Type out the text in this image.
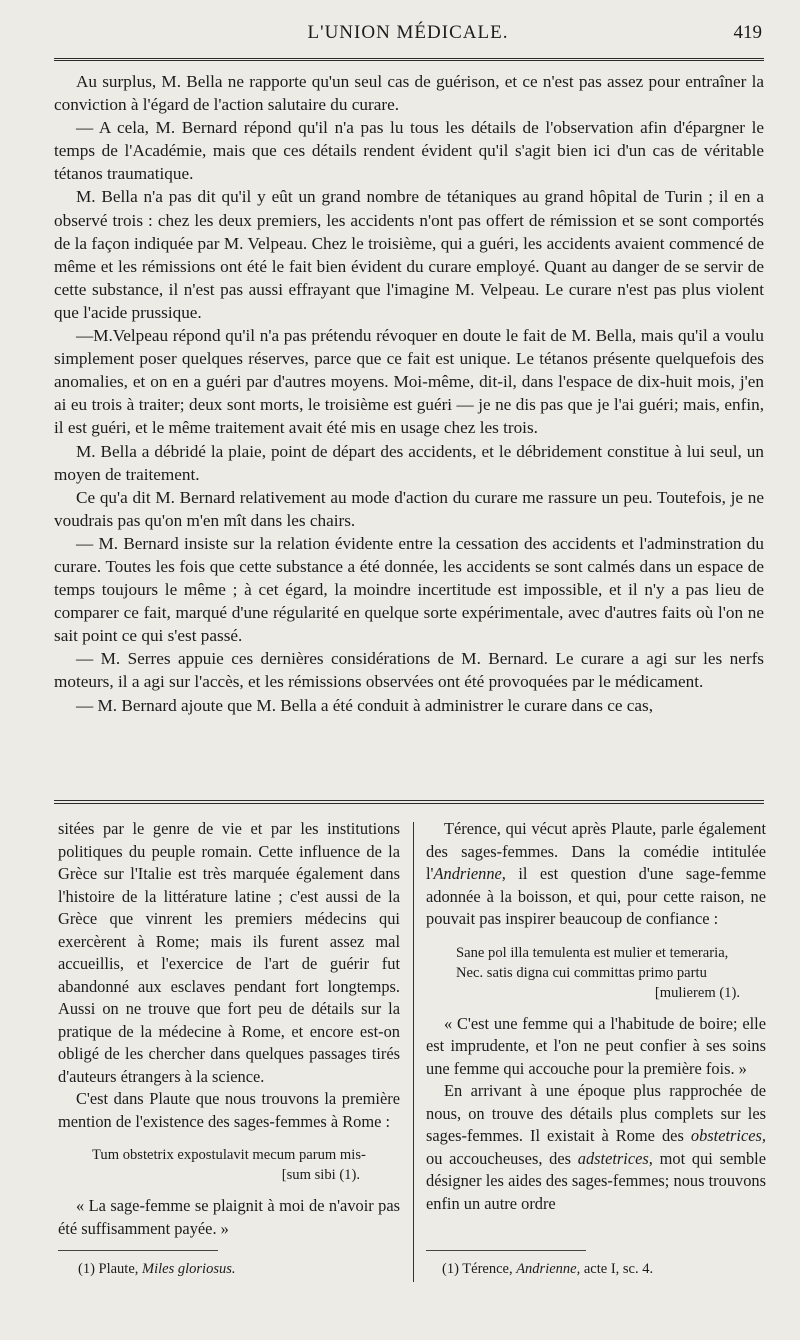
L'UNION MÉDICALE.	419

Au surplus, M. Bella ne rapporte qu'un seul cas de guérison, et ce n'est pas assez pour entraîner la conviction à l'égard de l'action salutaire du curare.

— A cela, M. Bernard répond qu'il n'a pas lu tous les détails de l'observation afin d'épargner le temps de l'Académie, mais que ces détails rendent évident qu'il s'agit bien ici d'un cas de véritable tétanos traumatique.

M. Bella n'a pas dit qu'il y eût un grand nombre de tétaniques au grand hôpital de Turin ; il en a observé trois : chez les deux premiers, les accidents n'ont pas offert de rémission et se sont comportés de la façon indiquée par M. Velpeau. Chez le troisième, qui a guéri, les accidents avaient commencé de même et les rémissions ont été le fait bien évident du curare employé. Quant au danger de se servir de cette substance, il n'est pas aussi effrayant que l'imagine M. Velpeau. Le curare n'est pas plus violent que l'acide prussique.

—M.Velpeau répond qu'il n'a pas prétendu révoquer en doute le fait de M. Bella, mais qu'il a voulu simplement poser quelques réserves, parce que ce fait est unique. Le tétanos présente quelquefois des anomalies, et on en a guéri par d'autres moyens. Moi-même, dit-il, dans l'espace de dix-huit mois, j'en ai eu trois à traiter; deux sont morts, le troisième est guéri — je ne dis pas que je l'ai guéri; mais, enfin, il est guéri, et le même traitement avait été mis en usage chez les trois.

M. Bella a débridé la plaie, point de départ des accidents, et le débridement constitue à lui seul, un moyen de traitement.

Ce qu'a dit M. Bernard relativement au mode d'action du curare me rassure un peu. Toutefois, je ne voudrais pas qu'on m'en mît dans les chairs.

— M. Bernard insiste sur la relation évidente entre la cessation des accidents et l'adminstration du curare. Toutes les fois que cette substance a été donnée, les accidents se sont calmés dans un espace de temps toujours le même ; à cet égard, la moindre incertitude est impossible, et il n'y a pas lieu de comparer ce fait, marqué d'une régularité en quelque sorte expérimentale, avec d'autres faits où l'on ne sait point ce qui s'est passé.

— M. Serres appuie ces dernières considérations de M. Bernard. Le curare a agi sur les nerfs moteurs, il a agi sur l'accès, et les rémissions observées ont été provoquées par le médicament.

— M. Bernard ajoute que M. Bella a été conduit à administrer le curare dans ce cas,

sitées par le genre de vie et par les institutions politiques du peuple romain. Cette influence de la Grèce sur l'Italie est très marquée également dans l'histoire de la littérature latine ; c'est aussi de la Grèce que vinrent les premiers médecins qui exercèrent à Rome; mais ils furent assez mal accueillis, et l'exercice de l'art de guérir fut abandonné aux esclaves pendant fort longtemps. Aussi on ne trouve que fort peu de détails sur la pratique de la médecine à Rome, et encore est-on obligé de les chercher dans quelques passages tirés d'auteurs étrangers à la science.

C'est dans Plaute que nous trouvons la première mention de l'existence des sages-femmes à Rome :

Tum obstetrix expostulavit mecum parum mis-
[sum sibi (1).

« La sage-femme se plaignit à moi de n'avoir pas été suffisamment payée. »

Térence, qui vécut après Plaute, parle également des sages-femmes. Dans la comédie intitulée l'Andrienne, il est question d'une sage-femme adonnée à la boisson, et qui, pour cette raison, ne pouvait pas inspirer beaucoup de confiance :

Sane pol illa temulenta est mulier et temeraria,
Nec. satis digna cui committas primo partu
[mulierem (1).

« C'est une femme qui a l'habitude de boire; elle est imprudente, et l'on ne peut confier à ses soins une femme qui accouche pour la première fois. »

En arrivant à une époque plus rapprochée de nous, on trouve des détails plus complets sur les sages-femmes. Il existait à Rome des obstetrices, ou accoucheuses, des adstetrices, mot qui semble désigner les aides des sages-femmes; nous trouvons enfin un autre ordre

(1) Plaute, Miles gloriosus.	(1) Térence, Andrienne, acte I, sc. 4.
